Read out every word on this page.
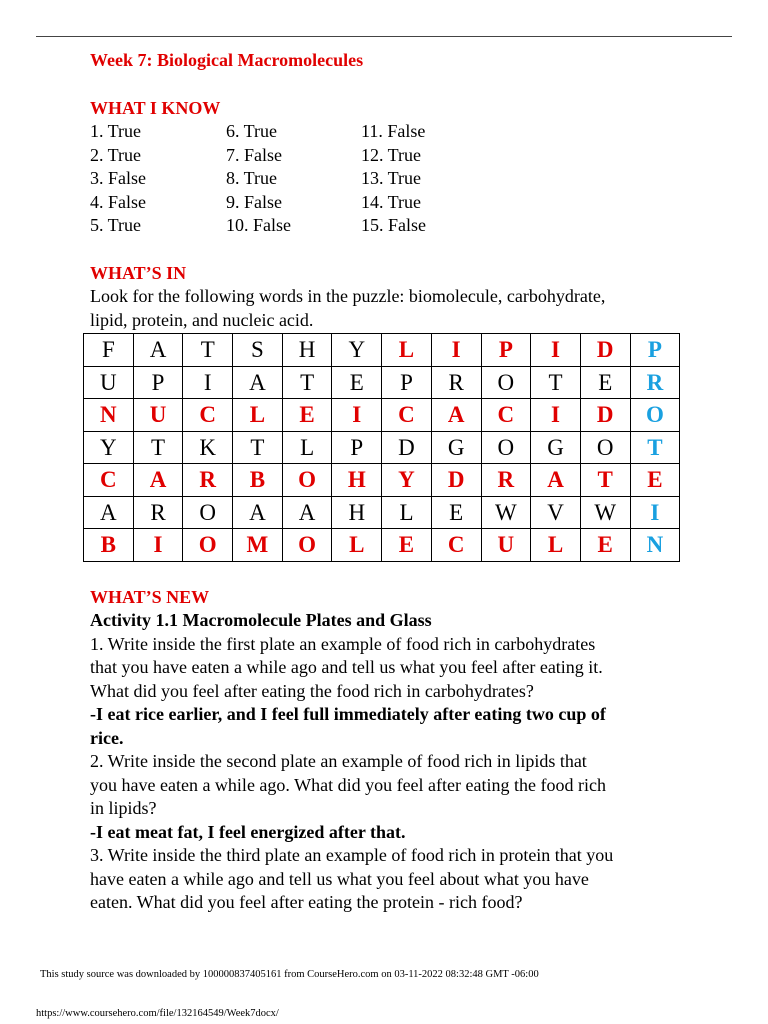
Week 7: Biological Macromolecules
WHAT I KNOW
1. True
2. True
3. False
4. False
5. True
6. True
7. False
8. True
9. False
10. False
11. False
12. True
13. True
14. True
15. False
WHAT’S IN
Look for the following words in the puzzle: biomolecule, carbohydrate,
lipid, protein, and nucleic acid.
F	A	T	S	H	Y	L	I	P	I	D	P
U	P	I	A	T	E	P	R	O	T	E	R
N	U	C	L	E	I	C	A	C	I	D	O
Y	T	K	T	L	P	D	G	O	G	O	T
C	A	R	B	O	H	Y	D	R	A	T	E
A	R	O	A	A	H	L	E	W	V	W	I
B	I	O	M	O	L	E	C	U	L	E	N
WHAT’S NEW
Activity 1.1 Macromolecule Plates and Glass
1. Write inside the first plate an example of food rich in carbohydrates
that you have eaten a while ago and tell us what you feel after eating it.
What did you feel after eating the food rich in carbohydrates?
-I eat rice earlier, and I feel full immediately after eating two cup of
rice.
2. Write inside the second plate an example of food rich in lipids that
you have eaten a while ago. What did you feel after eating the food rich
in lipids?
-I eat meat fat, I feel energized after that.
3. Write inside the third plate an example of food rich in protein that you
have eaten a while ago and tell us what you feel about what you have
eaten. What did you feel after eating the protein - rich food?
This study source was downloaded by 100000837405161 from CourseHero.com on 03-11-2022 08:32:48 GMT -06:00
https://www.coursehero.com/file/132164549/Week7docx/
